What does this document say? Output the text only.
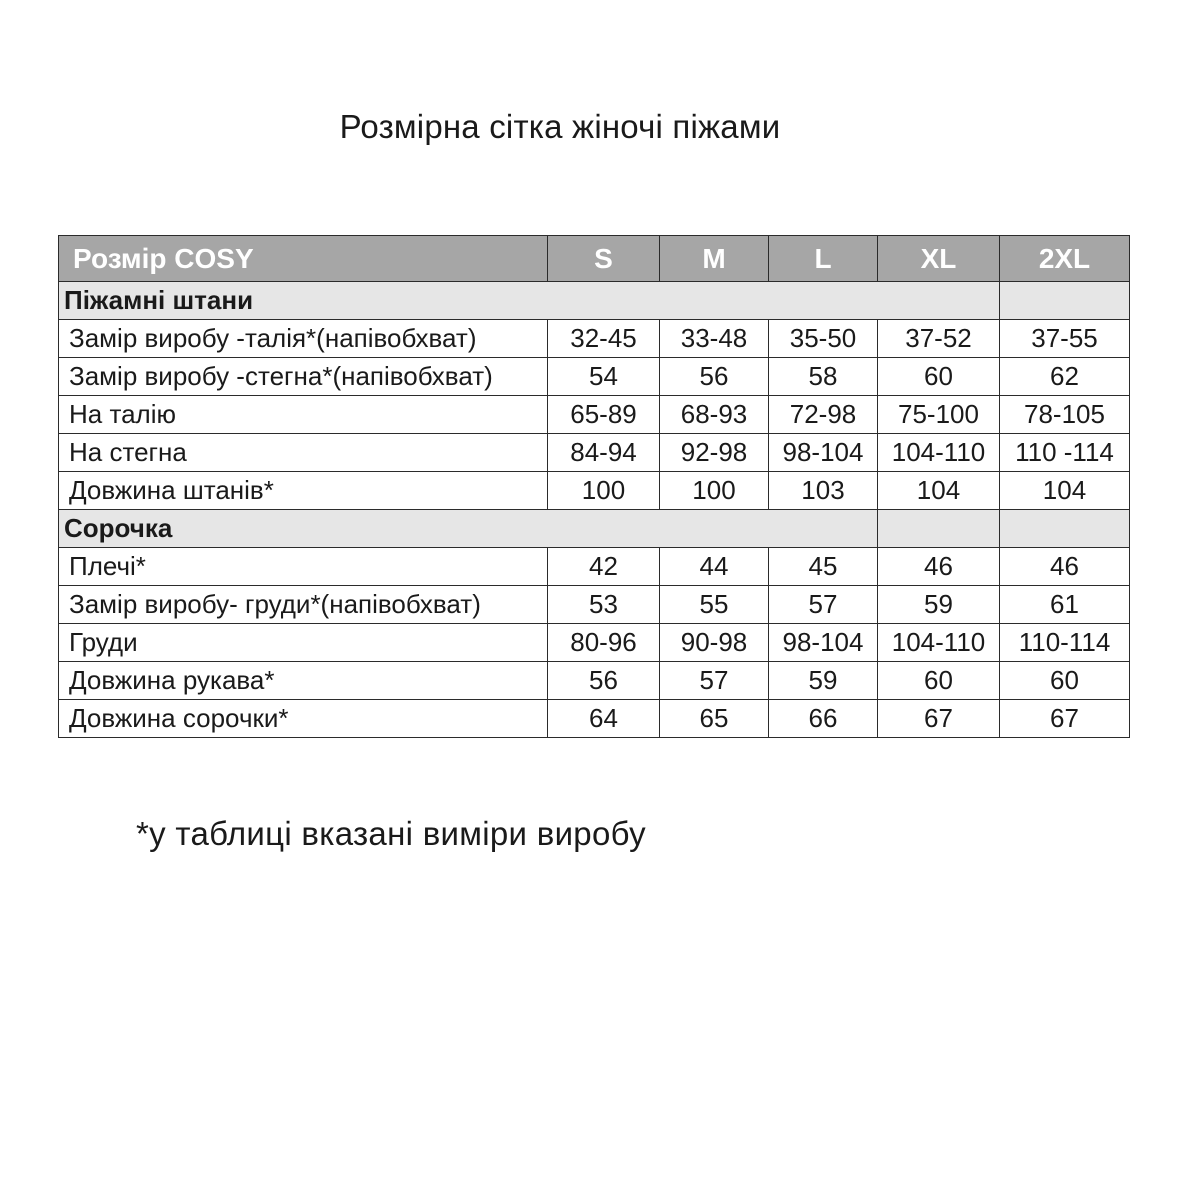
Розмірна сітка жіночі піжами
Розмір COSY	S	M	L	XL	2XL
Піжамні штани					
Замір виробу -талія*(напівобхват)	32-45	33-48	35-50	37-52	37-55
Замір виробу -стегна*(напівобхват)	54	56	58	60	62
На талію	65-89	68-93	72-98	75-100	78-105
На стегна	84-94	92-98	98-104	104-110	110 -114
Довжина штанів*	100	100	103	104	104
Сорочка					
Плечі*	42	44	45	46	46
Замір виробу- груди*(напівобхват)	53	55	57	59	61
Груди	80-96	90-98	98-104	104-110	110-114
Довжина рукава*	56	57	59	60	60
Довжина сорочки*	64	65	66	67	67
*у таблиці вказані виміри виробу
